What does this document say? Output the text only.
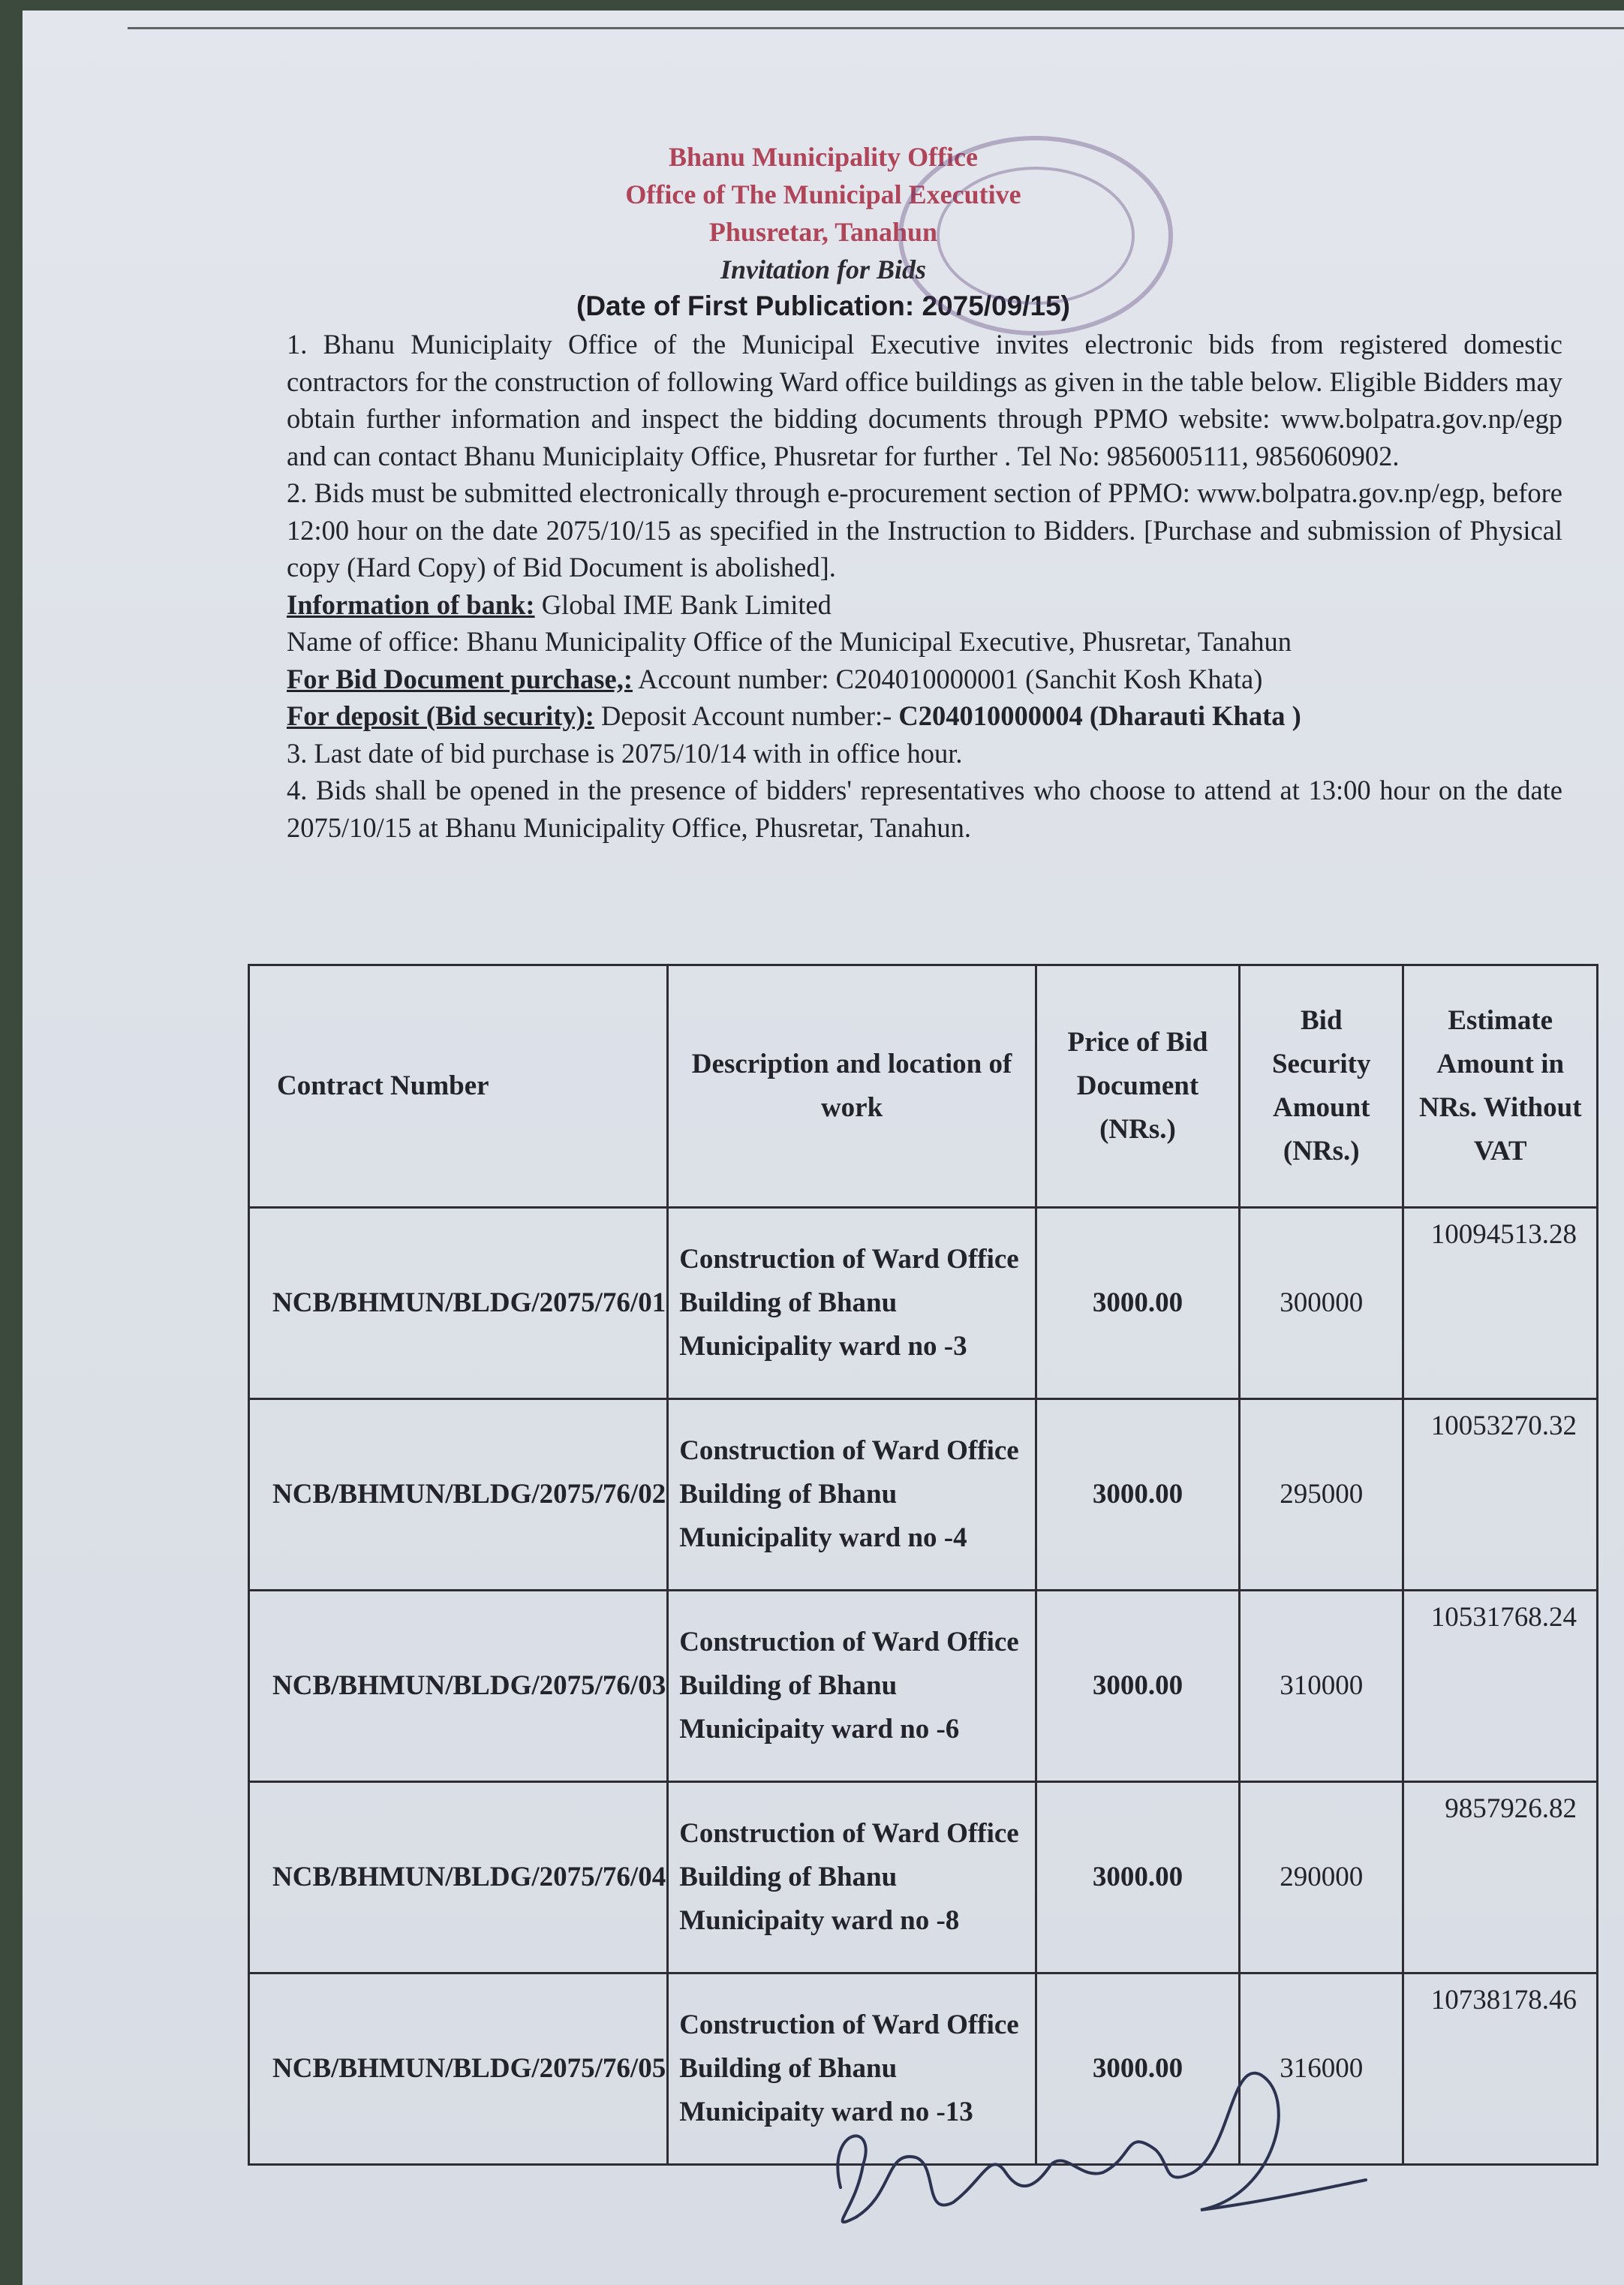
Bhanu Municipality Office
Office of The Municipal Executive
Phusretar, Tanahun
Invitation for Bids
(Date of First Publication: 2075/09/15)

1. Bhanu Municiplaity Office of the Municipal Executive invites electronic bids from registered domestic contractors for the construction of following Ward office buildings as given in the table below. Eligible Bidders may obtain further information and inspect the bidding documents through PPMO website: www.bolpatra.gov.np/egp and can contact Bhanu Municiplaity Office, Phusretar for further . Tel No: 9856005111, 9856060902.

2. Bids must be submitted electronically through e-procurement section of PPMO: www.bolpatra.gov.np/egp, before 12:00 hour on the date 2075/10/15 as specified in the Instruction to Bidders. [Purchase and submission of Physical copy (Hard Copy) of Bid Document is abolished].

Information of bank: Global IME Bank Limited

Name of office: Bhanu Municipality Office of the Municipal Executive, Phusretar, Tanahun

For Bid Document purchase,: Account number: C204010000001 (Sanchit Kosh Khata)

For deposit (Bid security): Deposit Account number:- C204010000004 (Dharauti Khata )

3. Last date of bid purchase is 2075/10/14 with in office hour.

4. Bids shall be opened in the presence of bidders' representatives who choose to attend at 13:00 hour on the date 2075/10/15 at Bhanu Municipality Office, Phusretar, Tanahun.

Contract Number	Description and location of work	Price of Bid Document (NRs.)	Bid Security Amount (NRs.)	Estimate Amount in NRs. Without VAT
NCB/BHMUN/BLDG/2075/76/01	Construction of Ward Office Building of Bhanu Municipality ward no -3	3000.00	300000	10094513.28
NCB/BHMUN/BLDG/2075/76/02	Construction of Ward Office Building of Bhanu Municipality ward no -4	3000.00	295000	10053270.32
NCB/BHMUN/BLDG/2075/76/03	Construction of Ward Office Building of Bhanu Municipaity ward no -6	3000.00	310000	10531768.24
NCB/BHMUN/BLDG/2075/76/04	Construction of Ward Office Building of Bhanu Municipaity ward no -8	3000.00	290000	9857926.82
NCB/BHMUN/BLDG/2075/76/05	Construction of Ward Office Building of Bhanu Municipaity ward no -13	3000.00	316000	10738178.46
